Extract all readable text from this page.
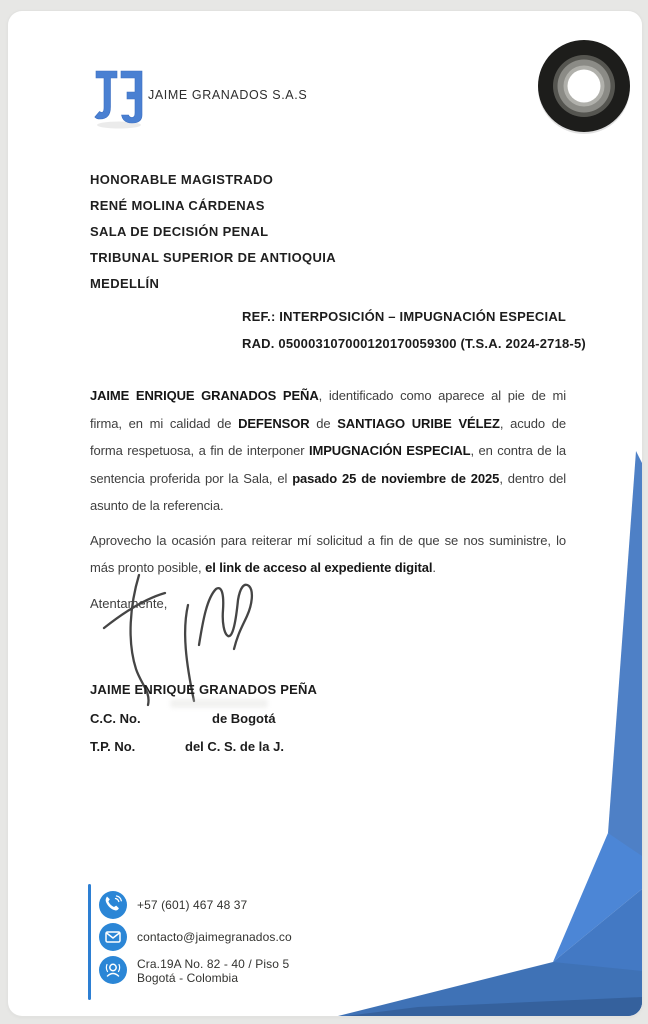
JAIME GRANADOS S.A.S
HONORABLE MAGISTRADO
RENÉ MOLINA CÁRDENAS
SALA DE DECISIÓN PENAL
TRIBUNAL SUPERIOR DE ANTIOQUIA
MEDELLÍN
REF.: INTERPOSICIÓN – IMPUGNACIÓN ESPECIAL
RAD. 050003107000120170059300 (T.S.A. 2024-2718-5)
JAIME ENRIQUE GRANADOS PEÑA, identificado como aparece al pie de mi firma, en mi calidad de DEFENSOR de SANTIAGO URIBE VÉLEZ, acudo de forma respetuosa, a fin de interponer IMPUGNACIÓN ESPECIAL, en contra de la sentencia proferida por la Sala, el pasado 25 de noviembre de 2025, dentro del asunto de la referencia.
Aprovecho la ocasión para reiterar mí solicitud a fin de que se nos suministre, lo más pronto posible, el link de acceso al expediente digital.
Atentamente,
JAIME ENRIQUE GRANADOS PEÑA
C.C. No.	de Bogotá
T.P. No.	del C. S. de la J.
+57 (601) 467 48 37
contacto@jaimegranados.co
Cra.19A No. 82 - 40 / Piso 5
Bogotá - Colombia
